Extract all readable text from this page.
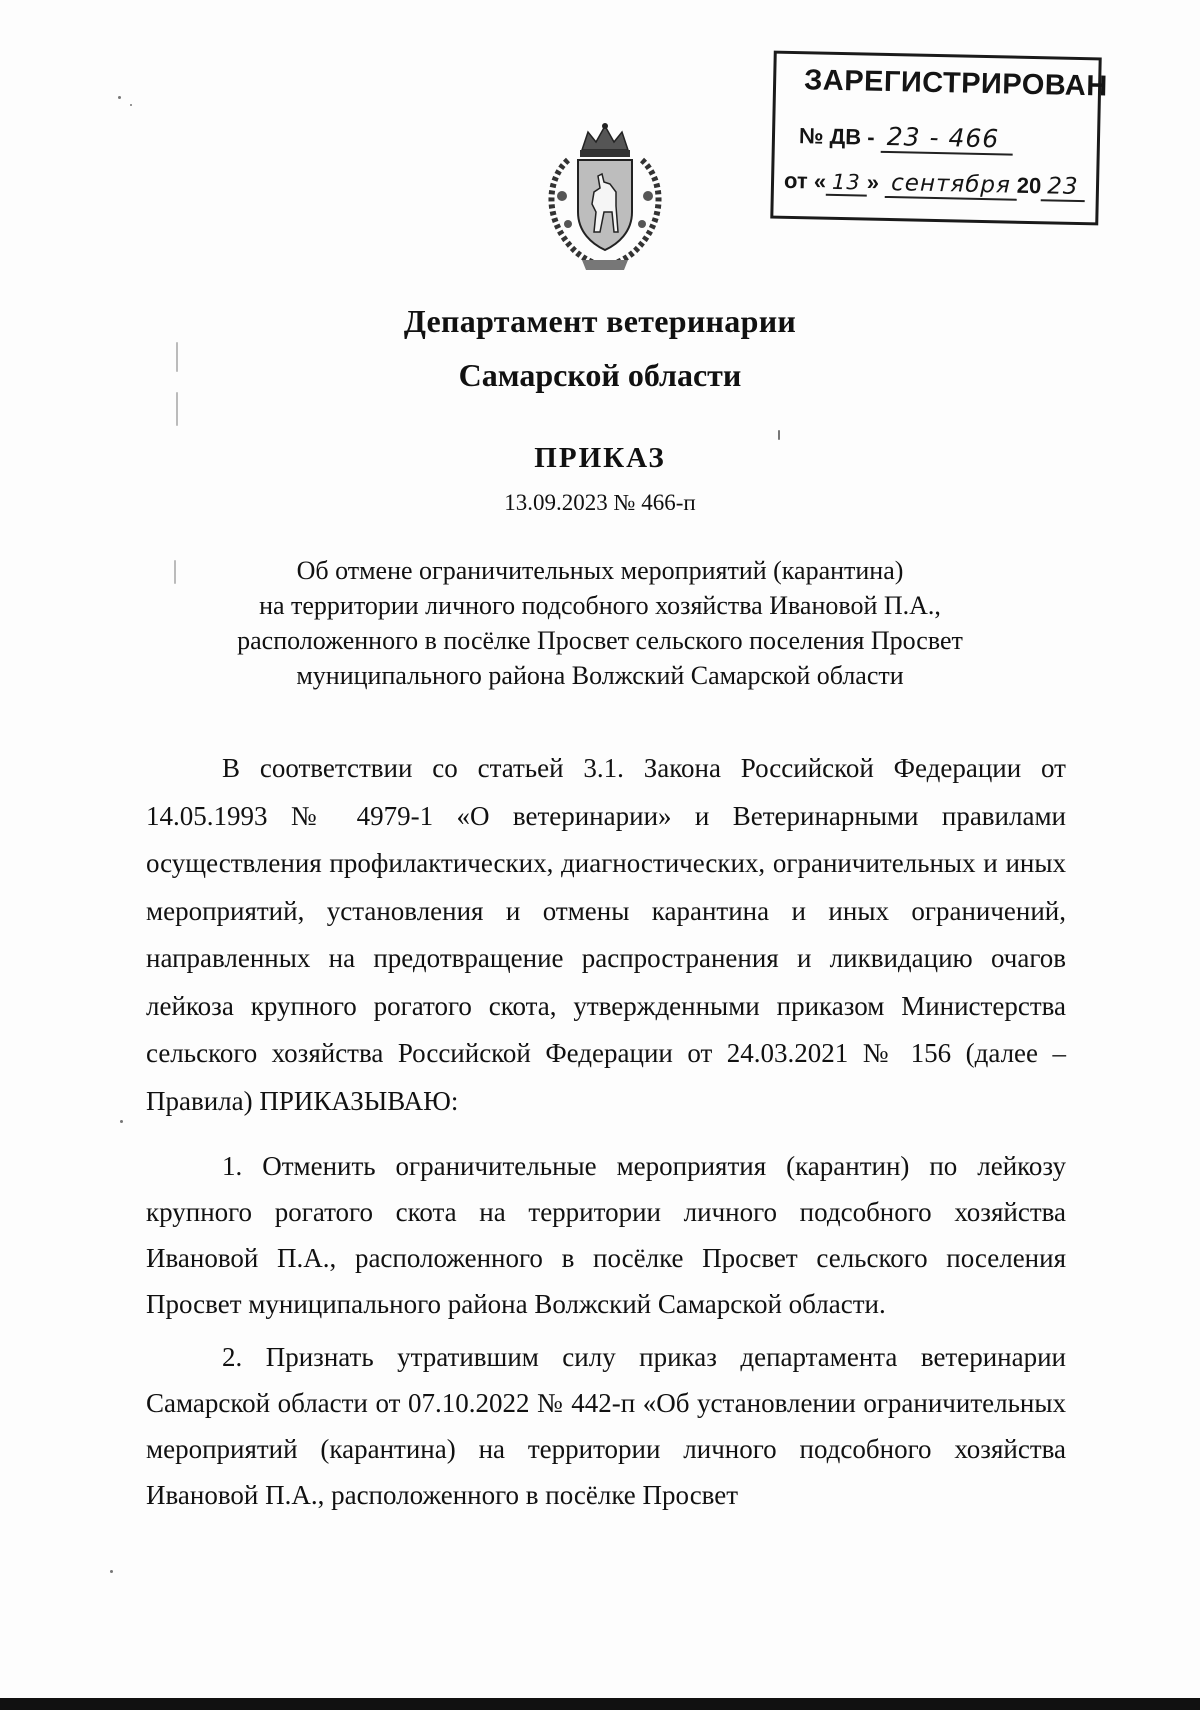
ЗАРЕГИСТРИРОВАН
№ ДВ - 23 - 466
от « 13 » сентября 20 23
Департамент ветеринарии
Самарской области
ПРИКАЗ
13.09.2023 № 466-п
Об отмене ограничительных мероприятий (карантина)
на территории личного подсобного хозяйства Ивановой П.А.,
расположенного в посёлке Просвет сельского поселения Просвет
муниципального района Волжский Самарской области

В соответствии со статьей 3.1. Закона Российской Федерации от 14.05.1993 № 4979-1 «О ветеринарии» и Ветеринарными правилами осуществления профилактических, диагностических, ограничительных и иных мероприятий, установления и отмены карантина и иных ограничений, направленных на предотвращение распространения и ликвидацию очагов лейкоза крупного рогатого скота, утвержденными приказом Министерства сельского хозяйства Российской Федерации от 24.03.2021 № 156 (далее – Правила) ПРИКАЗЫВАЮ:

1. Отменить ограничительные мероприятия (карантин) по лейкозу крупного рогатого скота на территории личного подсобного хозяйства Ивановой П.А., расположенного в посёлке Просвет сельского поселения Просвет муниципального района Волжский Самарской области.

2. Признать утратившим силу приказ департамента ветеринарии Самарской области от 07.10.2022 № 442-п «Об установлении ограничительных мероприятий (карантина) на территории личного подсобного хозяйства Ивановой П.А., расположенного в посёлке Просвет
